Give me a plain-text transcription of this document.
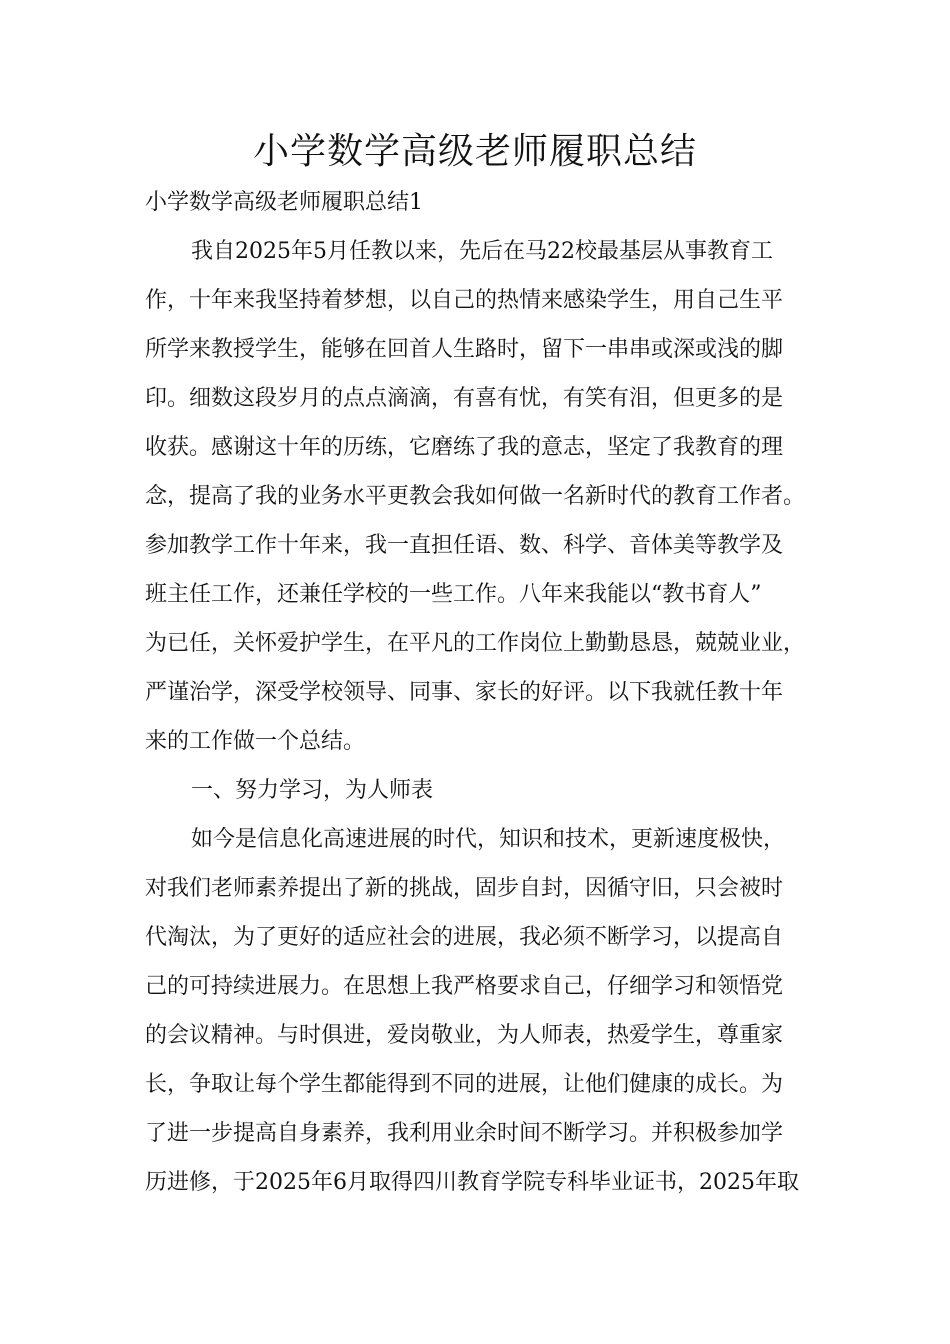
小学数学高级老师履职总结
小学数学高级老师履职总结1
我自2025年5月任教以来，先后在马22校最基层从事教育工
作，十年来我坚持着梦想，以自己的热情来感染学生，用自己生平
所学来教授学生，能够在回首人生路时，留下一串串或深或浅的脚
印。细数这段岁月的点点滴滴，有喜有忧，有笑有泪，但更多的是
收获。感谢这十年的历练，它磨练了我的意志，坚定了我教育的理
念，提高了我的业务水平更教会我如何做一名新时代的教育工作者。
参加教学工作十年来，我一直担任语、数、科学、音体美等教学及
班主任工作，还兼任学校的一些工作。八年来我能以“教书育人”
为已任，关怀爱护学生，在平凡的工作岗位上勤勤恳恳，兢兢业业，
严谨治学，深受学校领导、同事、家长的好评。以下我就任教十年
来的工作做一个总结。
一、努力学习，为人师表
如今是信息化高速进展的时代，知识和技术，更新速度极快，
对我们老师素养提出了新的挑战，固步自封，因循守旧，只会被时
代淘汰，为了更好的适应社会的进展，我必须不断学习，以提高自
己的可持续进展力。在思想上我严格要求自己，仔细学习和领悟党
的会议精神。与时俱进，爱岗敬业，为人师表，热爱学生，尊重家
长，争取让每个学生都能得到不同的进展，让他们健康的成长。为
了进一步提高自身素养，我利用业余时间不断学习。并积极参加学
历进修，于2025年6月取得四川教育学院专科毕业证书，2025年取
